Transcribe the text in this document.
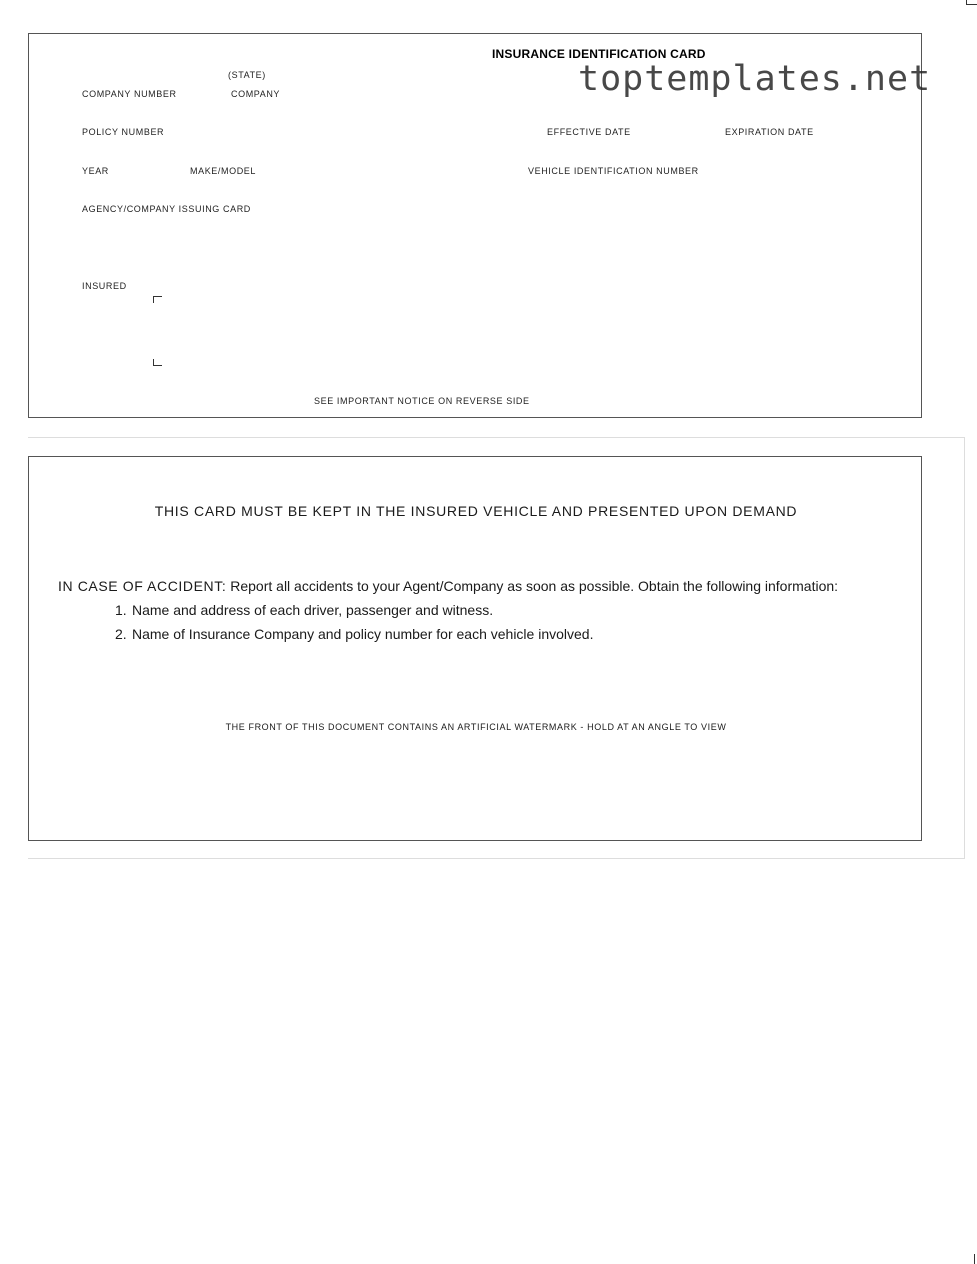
INSURANCE IDENTIFICATION CARD
toptemplates.net
(STATE)
COMPANY NUMBER	COMPANY
POLICY NUMBER	EFFECTIVE DATE	EXPIRATION DATE
YEAR	MAKE/MODEL	VEHICLE IDENTIFICATION NUMBER
AGENCY/COMPANY ISSUING CARD
INSURED
SEE IMPORTANT NOTICE ON REVERSE SIDE
THIS CARD MUST BE KEPT IN THE INSURED VEHICLE AND PRESENTED UPON DEMAND
IN CASE OF ACCIDENT: Report all accidents to your Agent/Company as soon as possible. Obtain the following information:
1. Name and address of each driver, passenger and witness.
2. Name of Insurance Company and policy number for each vehicle involved.
THE FRONT OF THIS DOCUMENT CONTAINS AN ARTIFICIAL WATERMARK - HOLD AT AN ANGLE TO VIEW
